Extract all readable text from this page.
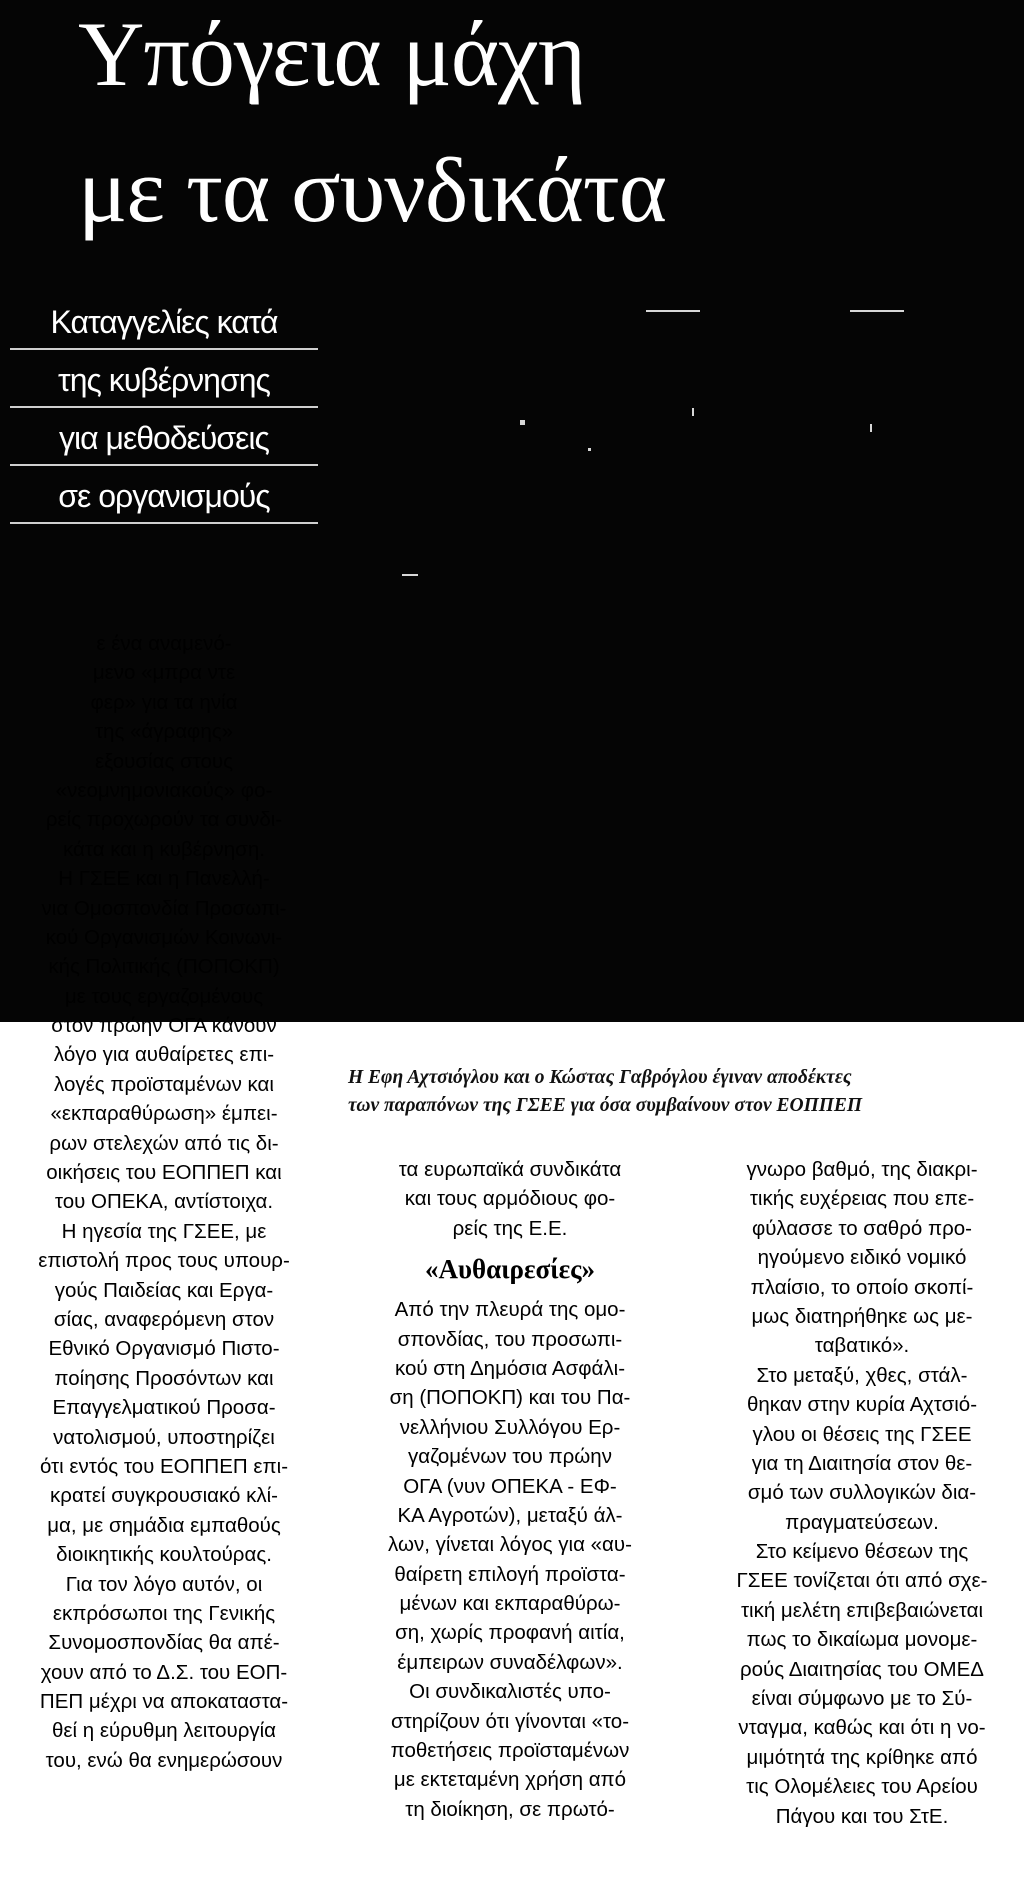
Υπόγεια μάχη
με τα συνδικάτα
Καταγγελίες κατά
της κυβέρνησης
για μεθοδεύσεις
σε οργανισμούς
Η Εφη Αχτσιόγλου και ο Κώστας Γαβρόγλου έγιναν αποδέκτες
των παραπόνων της ΓΣΕΕ για όσα συμβαίνουν στον ΕΟΠΠΕΠ
ε ένα αναμενό-
μενο «μπρα ντε
φερ» για τα ηνία
της «άγραφης»
εξουσίας στους
«νεομνημονιακούς» φο-
ρείς προχωρούν τα συνδι-
κάτα και η κυβέρνηση.
Η ΓΣΕΕ και η Πανελλή-
νια Ομοσπονδία Προσωπι-
κού Οργανισμών Κοινωνι-
κής Πολιτικής (ΠΟΠΟΚΠ)
με τους εργαζομένους
στον πρώην ΟΓΑ κάνουν
λόγο για αυθαίρετες επι-
λογές προϊσταμένων και
«εκπαραθύρωση» έμπει-
ρων στελεχών από τις δι-
οικήσεις του ΕΟΠΠΕΠ και
του ΟΠΕΚΑ, αντίστοιχα.
Η ηγεσία της ΓΣΕΕ, με
επιστολή προς τους υπουρ-
γούς Παιδείας και Εργα-
σίας, αναφερόμενη στον
Εθνικό Οργανισμό Πιστο-
ποίησης Προσόντων και
Επαγγελματικού Προσα-
νατολισμού, υποστηρίζει
ότι εντός του ΕΟΠΠΕΠ επι-
κρατεί συγκρουσιακό κλί-
μα, με σημάδια εμπαθούς
διοικητικής κουλτούρας.
Για τον λόγο αυτόν, οι
εκπρόσωποι της Γενικής
Συνομοσπονδίας θα απέ-
χουν από το Δ.Σ. του ΕΟΠ-
ΠΕΠ μέχρι να αποκαταστα-
θεί η εύρυθμη λειτουργία
του, ενώ θα ενημερώσουν
τα ευρωπαϊκά συνδικάτα
και τους αρμόδιους φο-
ρείς της Ε.Ε.
«Αυθαιρεσίες»
Από την πλευρά της ομο-
σπονδίας, του προσωπι-
κού στη Δημόσια Ασφάλι-
ση (ΠΟΠΟΚΠ) και του Πα-
νελλήνιου Συλλόγου Ερ-
γαζομένων του πρώην
ΟΓΑ (νυν ΟΠΕΚΑ - ΕΦ-
ΚΑ Αγροτών), μεταξύ άλ-
λων, γίνεται λόγος για «αυ-
θαίρετη επιλογή προϊστα-
μένων και εκπαραθύρω-
ση, χωρίς προφανή αιτία,
έμπειρων συναδέλφων».
Οι συνδικαλιστές υπο-
στηρίζουν ότι γίνονται «το-
ποθετήσεις προϊσταμένων
με εκτεταμένη χρήση από
τη διοίκηση, σε πρωτό-
γνωρο βαθμό, της διακρι-
τικής ευχέρειας που επε-
φύλασσε το σαθρό προ-
ηγούμενο ειδικό νομικό
πλαίσιο, το οποίο σκοπί-
μως διατηρήθηκε ως με-
ταβατικό».
Στο μεταξύ, χθες, στάλ-
θηκαν στην κυρία Αχτσιό-
γλου οι θέσεις της ΓΣΕΕ
για τη Διαιτησία στον θε-
σμό των συλλογικών δια-
πραγματεύσεων.
Στο κείμενο θέσεων της
ΓΣΕΕ τονίζεται ότι από σχε-
τική μελέτη επιβεβαιώνεται
πως το δικαίωμα μονομε-
ρούς Διαιτησίας του ΟΜΕΔ
είναι σύμφωνο με το Σύ-
νταγμα, καθώς και ότι η νο-
μιμότητά της κρίθηκε από
τις Ολομέλειες του Αρείου
Πάγου και του ΣτΕ.
